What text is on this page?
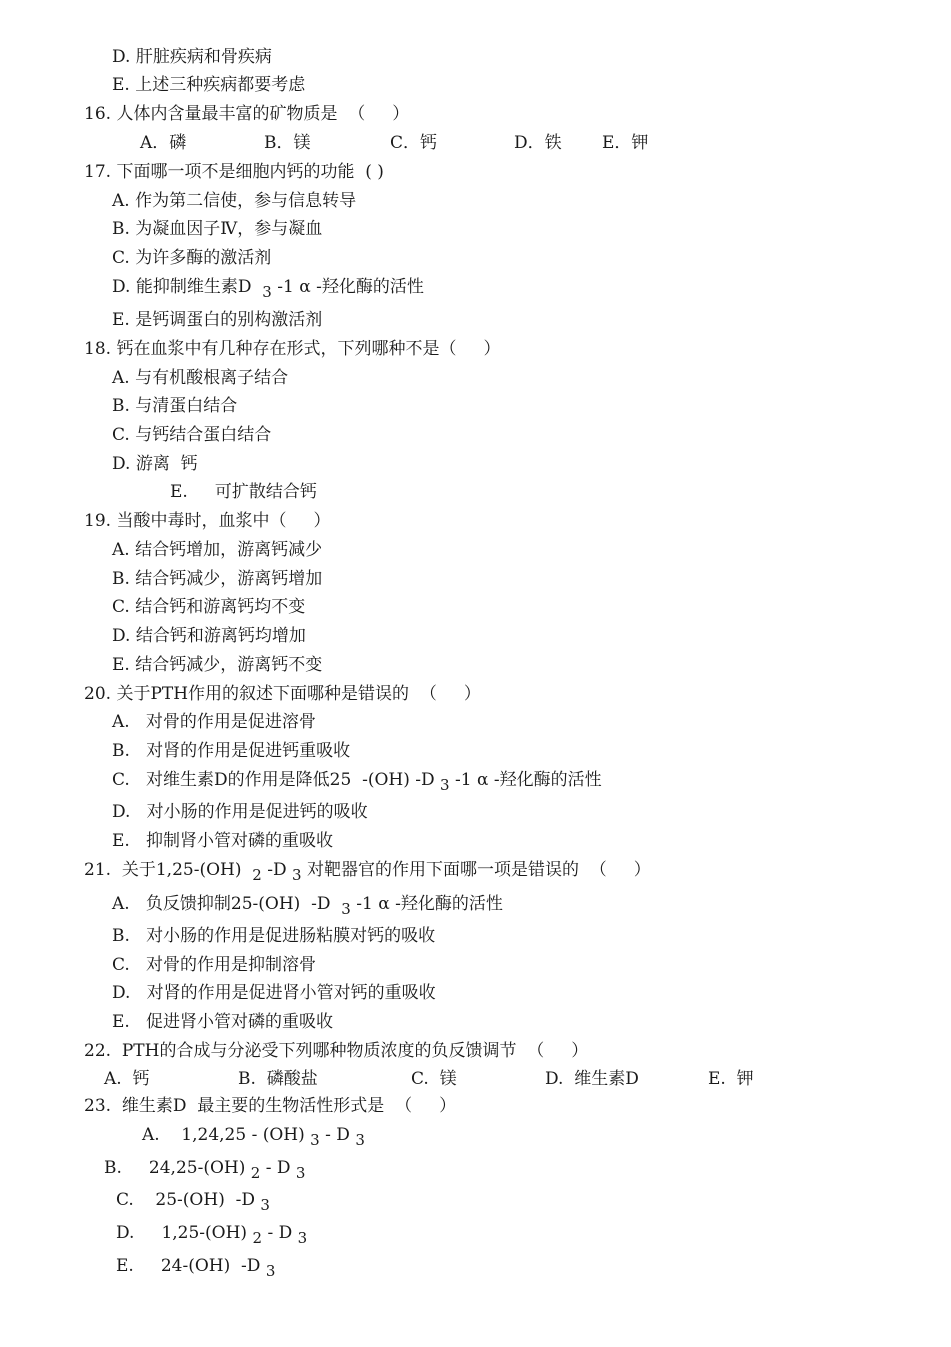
D. 肝脏疾病和骨疾病
E. 上述三种疾病都要考虑
16. 人体内含量最丰富的矿物质是  （     ）

A．磷

	B．镁

	C．钙

	D．铁

E．钾

17. 下面哪一项不是细胞内钙的功能  ( )
A. 作为第二信使，参与信息转导
B. 为凝血因子Ⅳ，参与凝血
C. 为许多酶的激活剂
D. 能抑制维生素D $_3$ -1 α -羟化酶的活性
E. 是钙调蛋白的别构激活剂
18. 钙在血浆中有几种存在形式，下列哪种不是（     ）
A. 与有机酸根离子结合
B. 与清蛋白结合
C. 与钙结合蛋白结合
D. 游离  钙
E.     可扩散结合钙
19. 当酸中毒时，血浆中（     ）
A. 结合钙增加，游离钙减少
B. 结合钙减少，游离钙增加
C. 结合钙和游离钙均不变
D. 结合钙和游离钙均增加
E. 结合钙减少，游离钙不变
20. 关于PTH作用的叙述下面哪种是错误的  （     ）
A.   对骨的作用是促进溶骨
B.   对肾的作用是促进钙重吸收
C.   对维生素D的作用是降低25  -(OH) -D $_3$ -1 α -羟化酶的活性
D.   对小肠的作用是促进钙的吸收
E.   抑制肾小管对磷的重吸收
21.  关于1,25-(OH) $_2$ -D $_3$ 对靶器官的作用下面哪一项是错误的  （     ）
A.   负反馈抑制25-(OH)  -D $_3$ -1 α -羟化酶的活性
B.   对小肠的作用是促进肠粘膜对钙的吸收
C.   对骨的作用是抑制溶骨
D.   对肾的作用是促进肾小管对钙的重吸收
E.   促进肾小管对磷的重吸收
22.  PTH的合成与分泌受下列哪种物质浓度的负反馈调节  （     ）

A.  钙

	B.  磷酸盐

	C.  镁

	D.  维生素D

	E.  钾

23.  维生素D  最主要的生物活性形式是  （     ）
A.    1,24,25 - (OH) $_3$ - D $_3$
B.     24,25-(OH) $_2$ - D $_3$
C.    25-(OH)  -D $_3$
D.     1,25-(OH) $_2$ - D $_3$
E.     24-(OH)  -D $_3$
